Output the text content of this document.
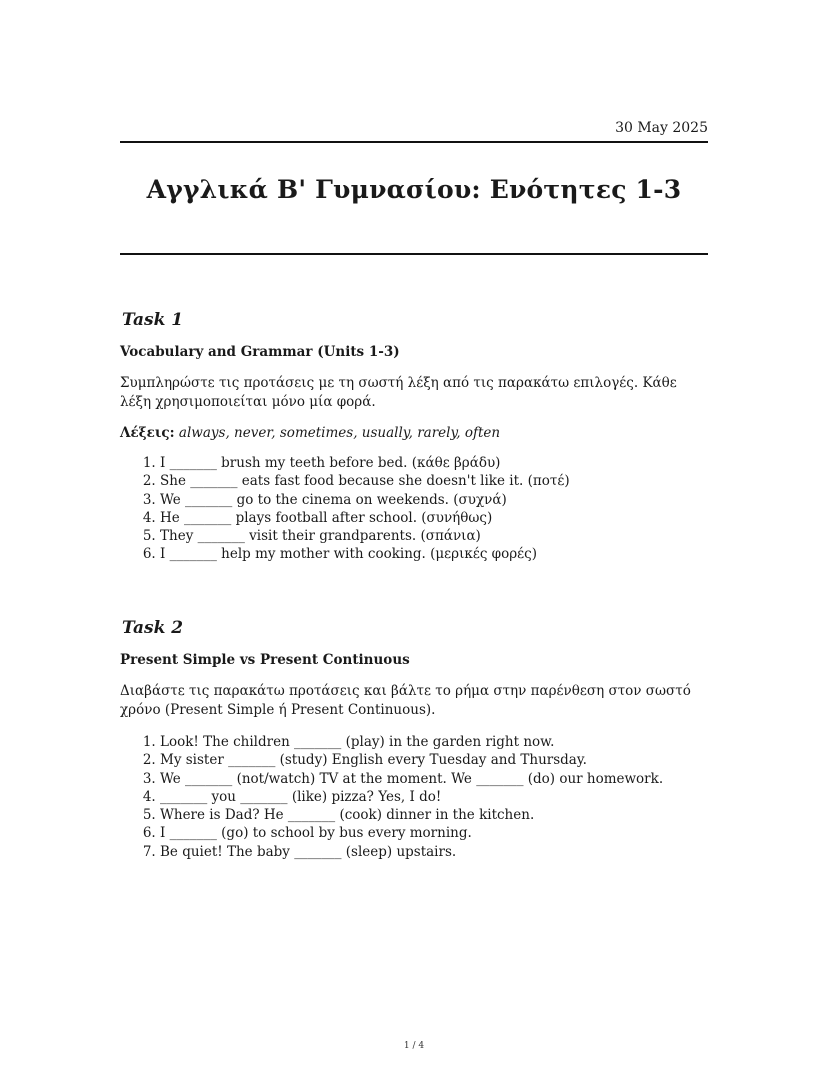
30 May 2025
Αγγλικά Β' Γυμνασίου: Ενότητες 1-3
Task 1

Vocabulary and Grammar (Units 1-3)

Συμπληρώστε τις προτάσεις με τη σωστή λέξη από τις παρακάτω επιλογές. Κάθε λέξη χρησιμοποιείται μόνο μία φορά.

Λέξεις: always, never, sometimes, usually, rarely, often

1. I _______ brush my teeth before bed. (κάθε βράδυ)
2. She _______ eats fast food because she doesn't like it. (ποτέ)
3. We _______ go to the cinema on weekends. (συχνά)
4. He _______ plays football after school. (συνήθως)
5. They _______ visit their grandparents. (σπάνια)
6. I _______ help my mother with cooking. (μερικές φορές)
Task 2

Present Simple vs Present Continuous

Διαβάστε τις παρακάτω προτάσεις και βάλτε το ρήμα στην παρένθεση στον σωστό χρόνο (Present Simple ή Present Continuous).

1. Look! The children _______ (play) in the garden right now.
2. My sister _______ (study) English every Tuesday and Thursday.
3. We _______ (not/watch) TV at the moment. We _______ (do) our homework.
4. _______ you _______ (like) pizza? Yes, I do!
5. Where is Dad? He _______ (cook) dinner in the kitchen.
6. I _______ (go) to school by bus every morning.
7. Be quiet! The baby _______ (sleep) upstairs.
1 / 4
